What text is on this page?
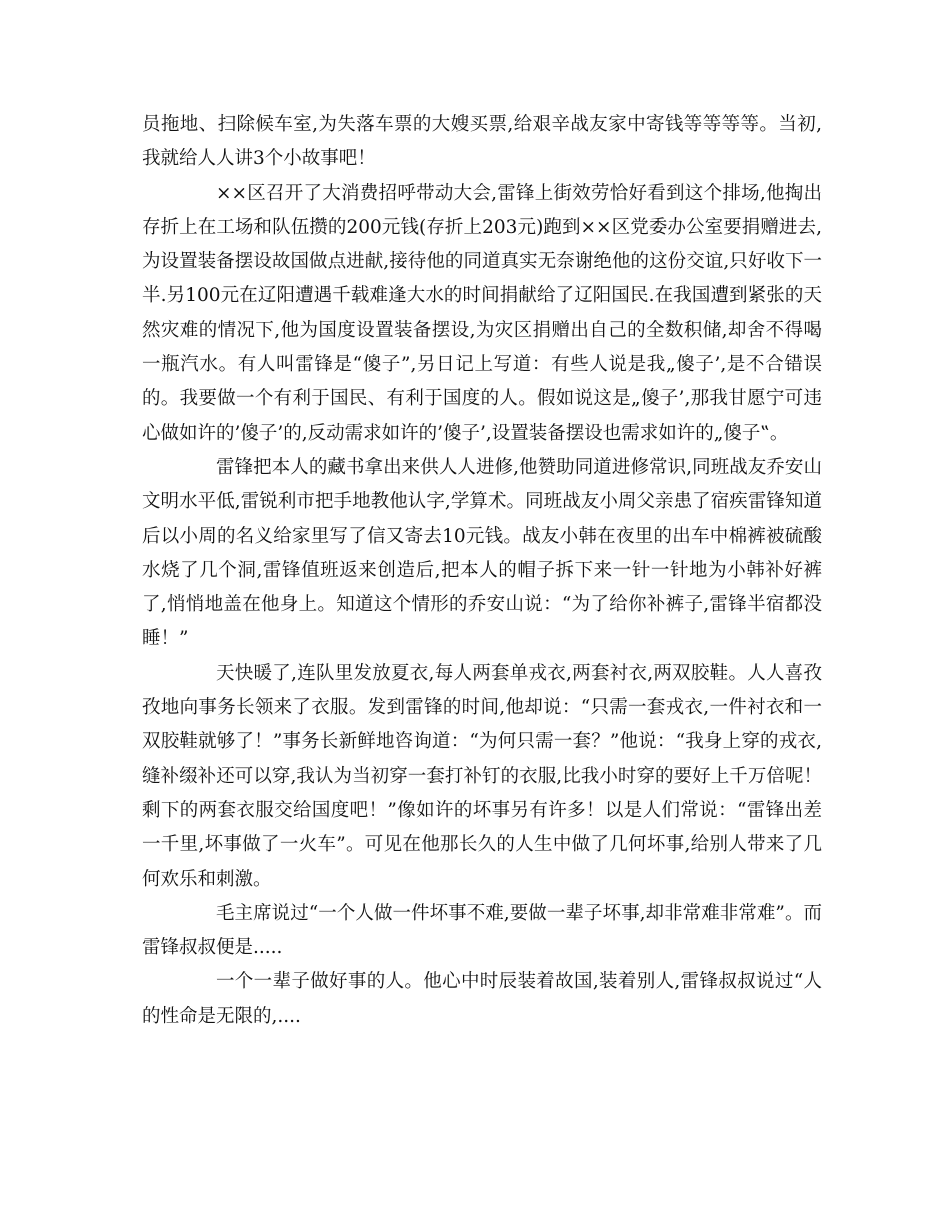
员拖地、扫除候车室,为失落车票的大嫂买票,给艰辛战友家中寄钱等等等等。当初,我就给人人讲3个小故事吧！

××区召开了大消费招呼带动大会,雷锋上街效劳恰好看到这个排场,他掏出存折上在工场和队伍攒的200元钱(存折上203元)跑到××区党委办公室要捐赠进去,为设置装备摆设故国做点进献,接待他的同道真实无奈谢绝他的这份交谊,只好收下一半.另100元在辽阳遭遇千载难逢大水的时间捐献给了辽阳国民.在我国遭到紧张的天然灾难的情况下,他为国度设置装备摆设,为灾区捐赠出自己的全数积储,却舍不得喝一瓶汽水。有人叫雷锋是“傻子”,另日记上写道：有些人说是我„傻子’,是不合错误的。我要做一个有利于国民、有利于国度的人。假如说这是„傻子’,那我甘愿宁可违心做如许的’傻子’的,反动需求如许的’傻子’,设置装备摆设也需求如许的„傻子‟。

雷锋把本人的藏书拿出来供人人进修,他赞助同道进修常识,同班战友乔安山文明水平低,雷锐利市把手地教他认字,学算术。同班战友小周父亲患了宿疾雷锋知道后以小周的名义给家里写了信又寄去10元钱。战友小韩在夜里的出车中棉裤被硫酸水烧了几个洞,雷锋值班返来创造后,把本人的帽子拆下来一针一针地为小韩补好裤了,悄悄地盖在他身上。知道这个情形的乔安山说：“为了给你补裤子,雷锋半宿都没睡！”

天快暖了,连队里发放夏衣,每人两套单戎衣,两套衬衣,两双胶鞋。人人喜孜孜地向事务长领来了衣服。发到雷锋的时间,他却说：“只需一套戎衣,一件衬衣和一双胶鞋就够了！”事务长新鲜地咨询道：“为何只需一套？”他说：“我身上穿的戎衣,缝补缀补还可以穿,我认为当初穿一套打补钉的衣服,比我小时穿的要好上千万倍呢！剩下的两套衣服交给国度吧！”像如许的坏事另有许多！以是人们常说：“雷锋出差一千里,坏事做了一火车”。可见在他那长久的人生中做了几何坏事,给别人带来了几何欢乐和刺激。

毛主席说过“一个人做一件坏事不难,要做一辈子坏事,却非常难非常难”。而雷锋叔叔便是.....

一个一辈子做好事的人。他心中时辰装着故国,装着别人,雷锋叔叔说过“人的性命是无限的,....
